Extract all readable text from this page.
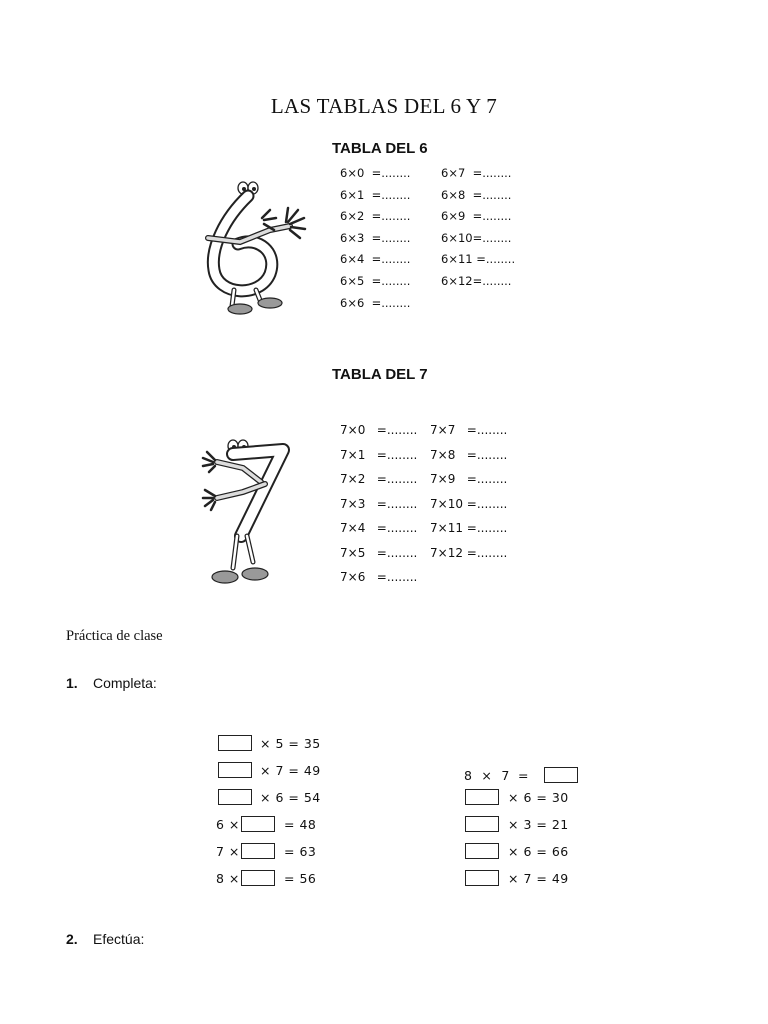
LAS TABLAS DEL 6 Y 7
TABLA DEL 6
6×0  =........
6×1  =........
6×2  =........
6×3  =........
6×4  =........
6×5  =........
6×6  =........
6×7  =........
6×8  =........
6×9  =........
6×10=........
6×11 =........
6×12=........
TABLA DEL 7
7×0   =........
7×1   =........
7×2   =........
7×3   =........
7×4   =........
7×5   =........
7×6   =........
7×7   =........
7×8   =........
7×9   =........
7×10 =........
7×11 =........
7×12 =........
Práctica de clase
1. Completa:
× 5 = 35
× 7 = 49
× 6 = 54
6 ×	= 48
7 ×	= 63
8 ×	= 56
8  ×  7 =
× 6 = 30
× 3 = 21
× 6 = 66
× 7 = 49
2. Efectúa:
